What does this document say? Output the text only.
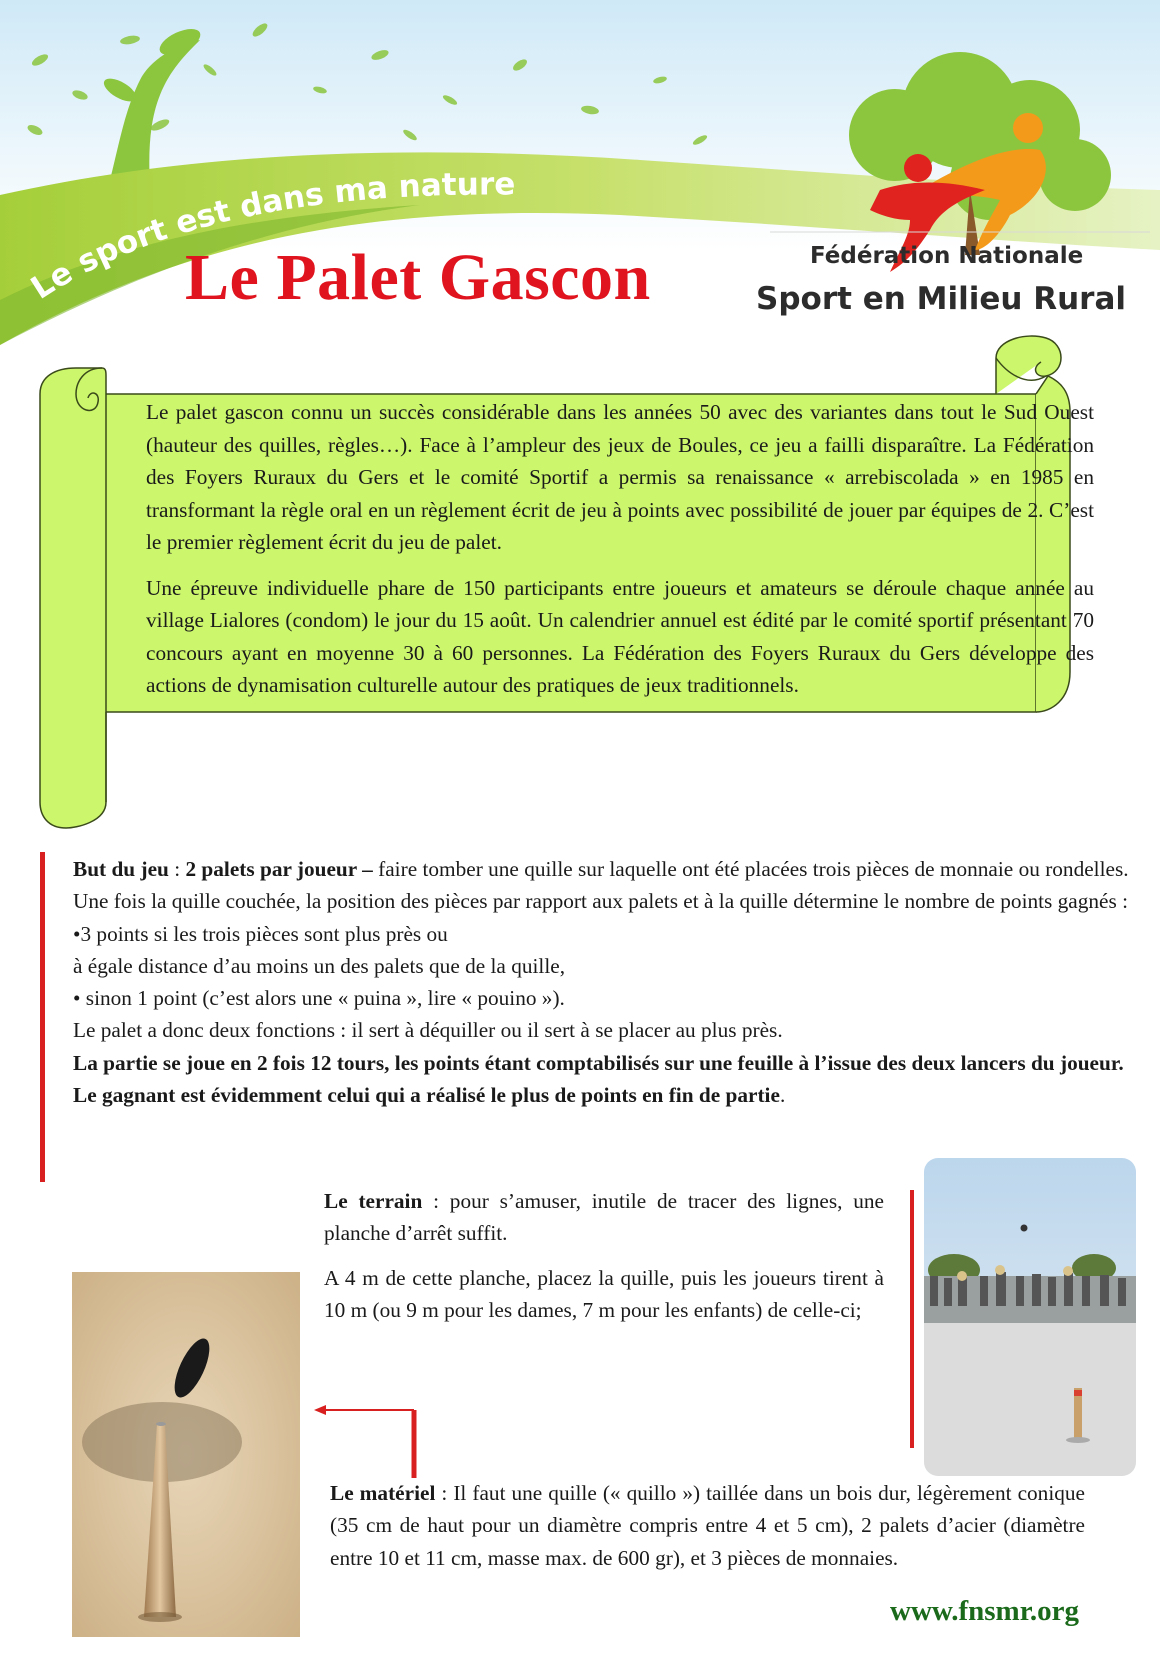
Le sport est dans ma nature
Le Palet Gascon	Fédération Nationale
Sport en Milieu Rural

Le palet gascon connu un succès considérable dans les années 50 avec des variantes dans tout le Sud Ouest (hauteur des quilles, règles…). Face à l’ampleur des jeux de Boules, ce jeu a failli disparaître. La Fédération des Foyers Ruraux du Gers et le comité Sportif a permis sa renaissance « arrebiscolada » en 1985 en transformant la règle oral en un règlement écrit de jeu à points avec possibilité de jouer par équipes de 2. C’est le premier règlement écrit du jeu de palet.

Une épreuve individuelle phare de 150 participants entre joueurs et amateurs se déroule chaque année au village Lialores (condom) le jour du 15 août. Un calendrier annuel est édité par le comité sportif présentant 70 concours ayant en moyenne 30 à 60 personnes. La Fédération des Foyers Ruraux du Gers développe des actions de dynamisation culturelle autour des pratiques de jeux traditionnels.

But du jeu : 2 palets par joueur – faire tomber une quille sur laquelle ont été placées trois pièces de monnaie ou rondelles. Une fois la quille couchée, la position des pièces par rapport aux palets et à la quille détermine le nombre de points gagnés :

•3 points si les trois pièces sont plus près ou

à égale distance d’au moins un des palets que de la quille,

• sinon 1 point (c’est alors une « puina », lire « pouino »).

Le palet a donc deux fonctions : il sert à déquiller ou il sert à se placer au plus près.

La partie se joue en 2 fois 12 tours, les points étant comptabilisés sur une feuille à l’issue des deux lancers du joueur. Le gagnant est évidemment celui qui a réalisé le plus de points en fin de partie.

Le terrain : pour s’amuser, inutile de tracer des lignes, une planche d’arrêt suffit.

A 4 m de cette planche, placez la quille, puis les joueurs tirent à 10 m (ou 9 m pour les dames, 7 m pour les enfants) de celle-ci;

Le matériel : Il faut une quille (« quillo ») taillée dans un bois dur, légèrement conique (35 cm de haut pour un diamètre compris entre 4 et 5 cm), 2 palets d’acier (diamètre entre 10 et 11 cm, masse max. de 600 gr), et 3 pièces de monnaies.
www.fnsmr.org
